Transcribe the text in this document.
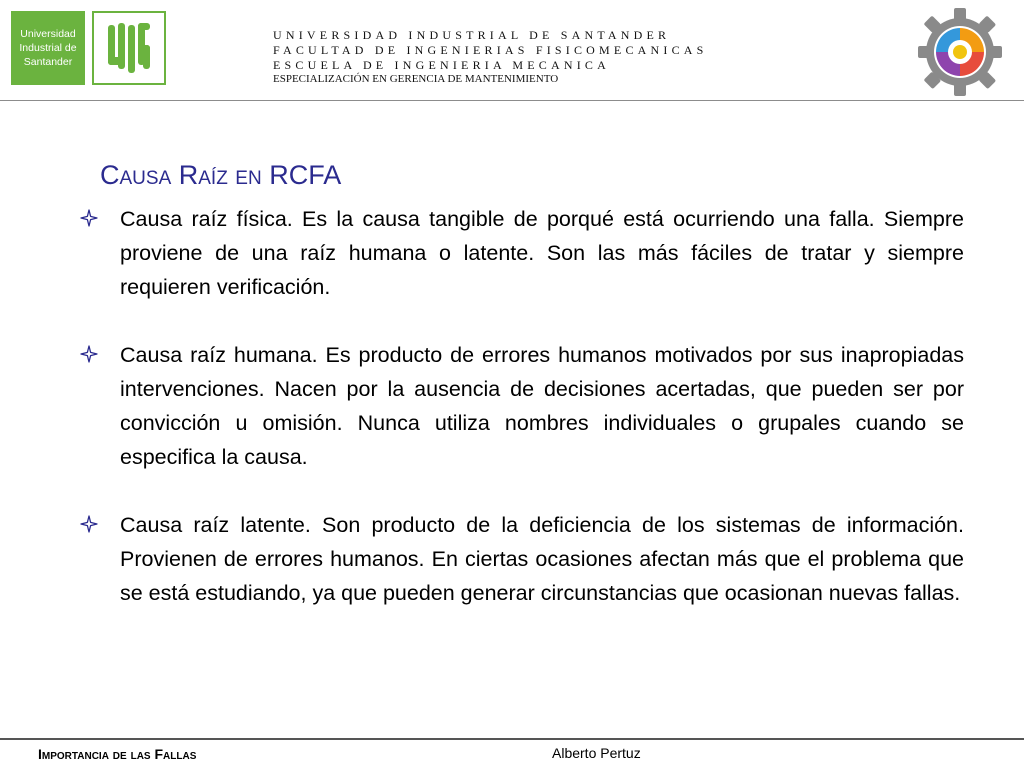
Universidad
Industrial de
Santander
UNIVERSIDAD INDUSTRIAL DE SANTANDER
FACULTAD DE INGENIERIAS FISICOMECANICAS
ESCUELA DE INGENIERIA MECANICA
ESPECIALIZACIÓN EN GERENCIA DE MANTENIMIENTO
Causa Raíz en RCFA
Causa raíz física. Es la causa tangible de porqué está ocurriendo una falla. Siempre proviene de una raíz humana o latente. Son las más fáciles de tratar y siempre requieren verificación.
Causa raíz humana. Es producto de errores humanos motivados por sus inapropiadas intervenciones. Nacen por la ausencia de decisiones acertadas, que pueden ser por convicción u omisión. Nunca utiliza nombres individuales o grupales cuando se especifica la causa.
Causa raíz latente. Son producto de la deficiencia de los sistemas de información. Provienen de errores humanos. En ciertas ocasiones afectan más que el problema que se está estudiando, ya que pueden generar circunstancias que ocasionan nuevas fallas.
Importancia de las Fallas	Alberto Pertuz
